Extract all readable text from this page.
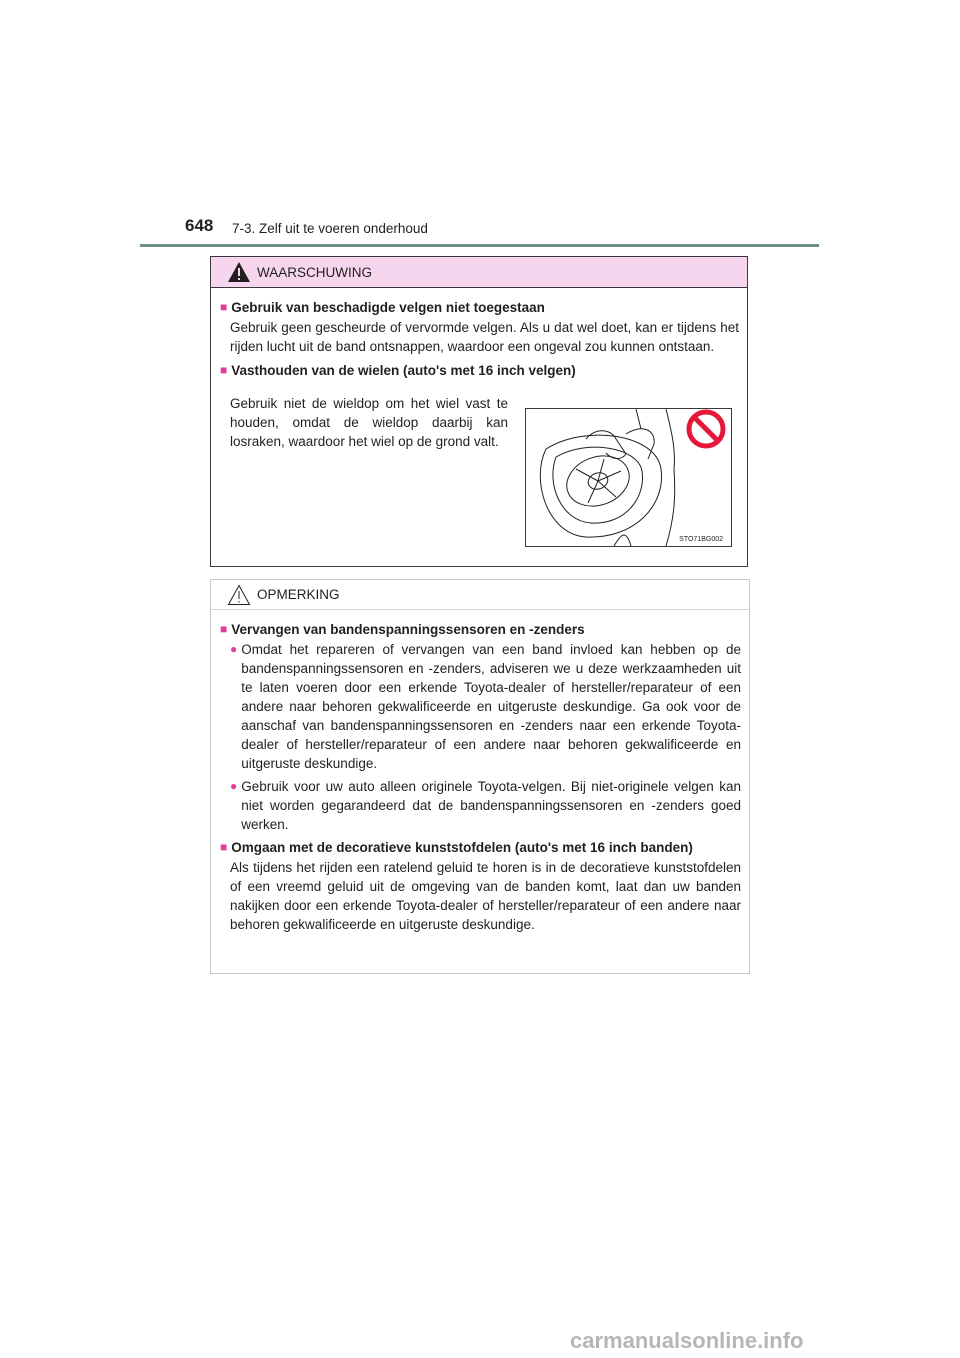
648 7-3. Zelf uit te voeren onderhoud
WAARSCHUWING
■ Gebruik van beschadigde velgen niet toegestaan
Gebruik geen gescheurde of vervormde velgen. Als u dat wel doet, kan er tijdens het rijden lucht uit de band ontsnappen, waardoor een ongeval zou kunnen ontstaan.
■ Vasthouden van de wielen (auto's met 16 inch velgen)
Gebruik niet de wieldop om het wiel vast te houden, omdat de wieldop daarbij kan losraken, waardoor het wiel op de grond valt.
STO71BG002
OPMERKING
■ Vervangen van bandenspanningssensoren en -zenders
● Omdat het repareren of vervangen van een band invloed kan hebben op de bandenspanningssensoren en -zenders, adviseren we u deze werkzaamheden uit te laten voeren door een erkende Toyota-dealer of hersteller/reparateur of een andere naar behoren gekwalificeerde en uitgeruste deskundige. Ga ook voor de aanschaf van bandenspanningssensoren en -zenders naar een erkende Toyota-dealer of hersteller/reparateur of een andere naar behoren gekwalificeerde en uitgeruste deskundige.
● Gebruik voor uw auto alleen originele Toyota-velgen. Bij niet-originele velgen kan niet worden gegarandeerd dat de bandenspanningssensoren en -zenders goed werken.
■ Omgaan met de decoratieve kunststofdelen (auto's met 16 inch banden)
Als tijdens het rijden een ratelend geluid te horen is in de decoratieve kunststofdelen of een vreemd geluid uit de omgeving van de banden komt, laat dan uw banden nakijken door een erkende Toyota-dealer of hersteller/reparateur of een andere naar behoren gekwalificeerde en uitgeruste deskundige.
carmanualsonline.info
